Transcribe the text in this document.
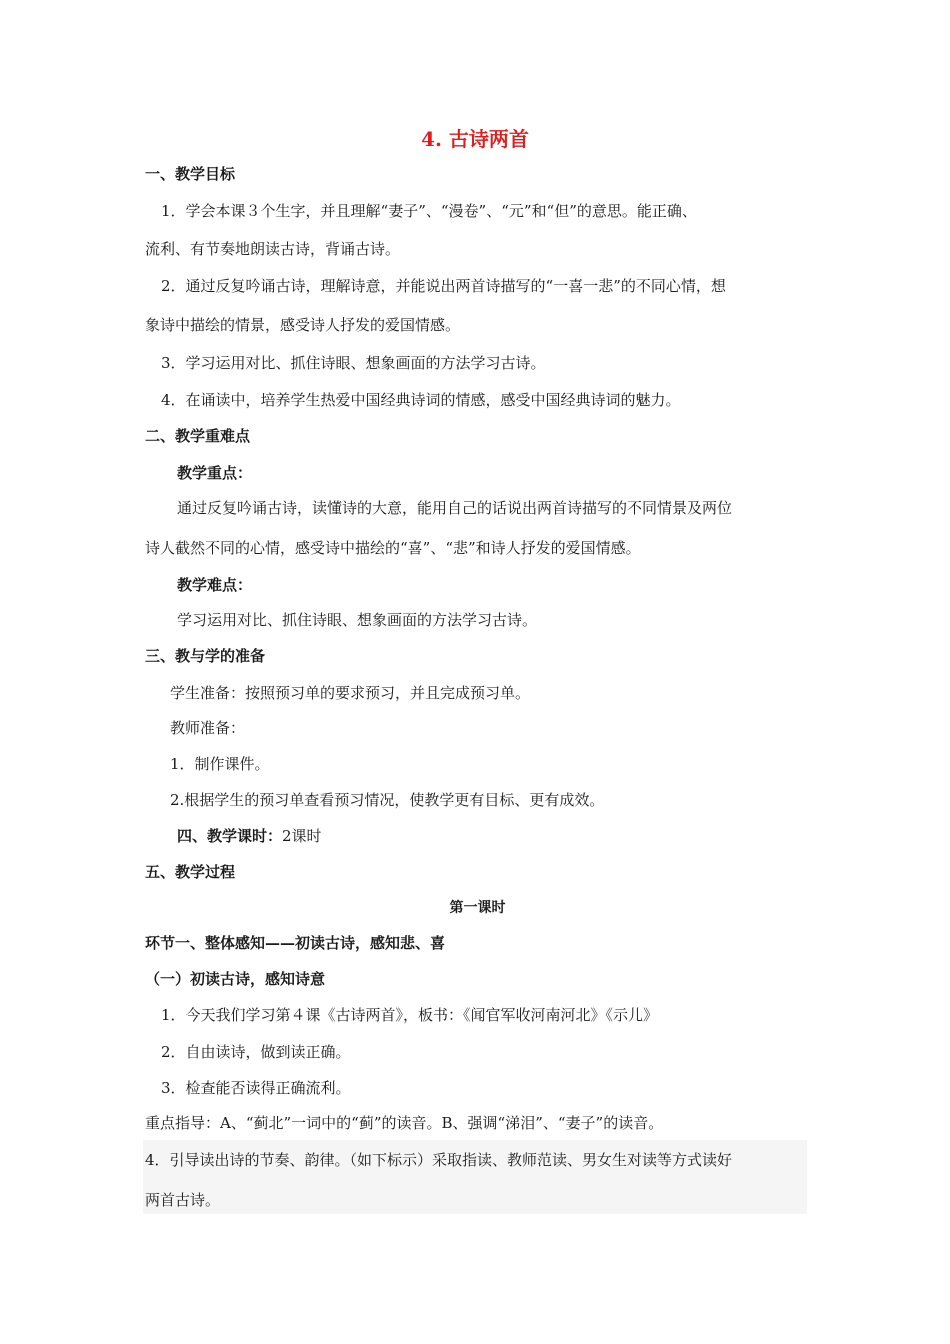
4. 古诗两首
一、教学目标
1．学会本课３个生字，并且理解“妻子”、“漫卷”、“元”和“但”的意思。能正确、
流利、有节奏地朗读古诗，背诵古诗。
2．通过反复吟诵古诗，理解诗意，并能说出两首诗描写的“一喜一悲”的不同心情，想
象诗中描绘的情景，感受诗人抒发的爱国情感。
3．学习运用对比、抓住诗眼、想象画面的方法学习古诗。
4．在诵读中，培养学生热爱中国经典诗词的情感，感受中国经典诗词的魅力。
二、教学重难点
教学重点：
通过反复吟诵古诗，读懂诗的大意，能用自己的话说出两首诗描写的不同情景及两位
诗人截然不同的心情，感受诗中描绘的“喜”、“悲”和诗人抒发的爱国情感。
教学难点：
学习运用对比、抓住诗眼、想象画面的方法学习古诗。
三、教与学的准备
学生准备：按照预习单的要求预习，并且完成预习单。
教师准备：
1．制作课件。
2.根据学生的预习单查看预习情况，使教学更有目标、更有成效。
四、教学课时：2课时
五、教学过程
第一课时
环节一、整体感知——初读古诗，感知悲、喜
（一）初读古诗，感知诗意
1．今天我们学习第４课《古诗两首》，板书：《闻官军收河南河北》《示儿》
2．自由读诗，做到读正确。
3．检查能否读得正确流利。
重点指导：A、“蓟北”一词中的“蓟”的读音。B、强调“涕泪”、“妻子”的读音。
4．引导读出诗的节奏、韵律。（如下标示）采取指读、教师范读、男女生对读等方式读好
两首古诗。
